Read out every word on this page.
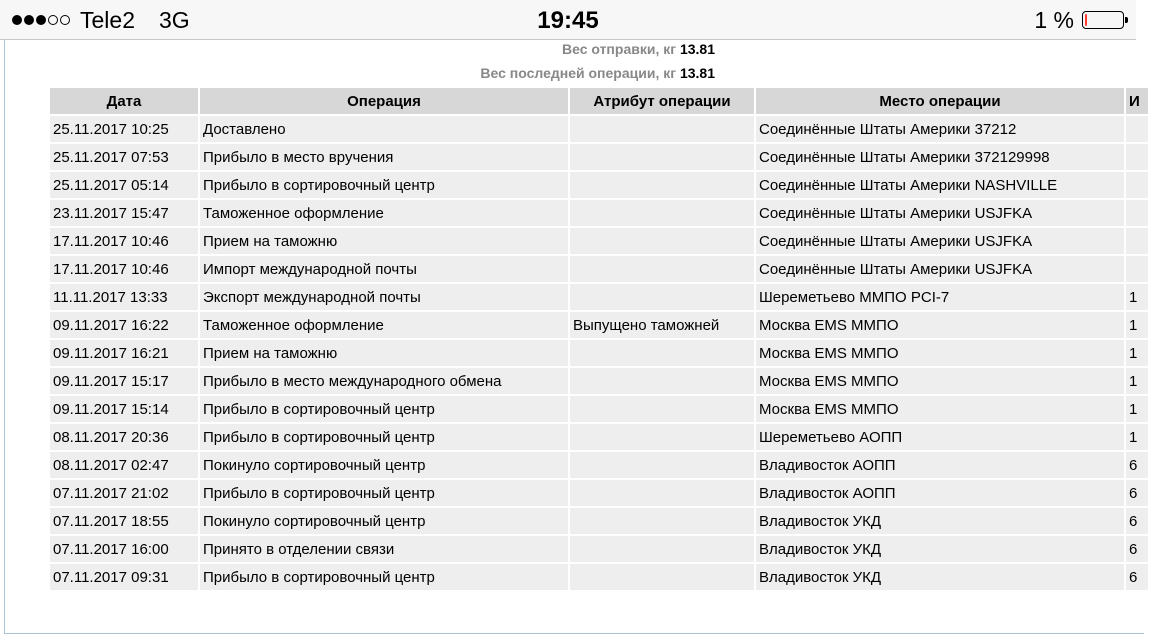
Tele2 3G	19:45	1 %
Вес отправки, кг 13.81
Вес последней операции, кг 13.81
Дата	Операция	Атрибут операции	Место операции	И
25.11.2017 10:25	Доставлено		Соединённые Штаты Америки 37212	
25.11.2017 07:53	Прибыло в место вручения		Соединённые Штаты Америки 372129998	
25.11.2017 05:14	Прибыло в сортировочный центр		Соединённые Штаты Америки NASHVILLE	
23.11.2017 15:47	Таможенное оформление		Соединённые Штаты Америки USJFKA	
17.11.2017 10:46	Прием на таможню		Соединённые Штаты Америки USJFKA	
17.11.2017 10:46	Импорт международной почты		Соединённые Штаты Америки USJFKA	
11.11.2017 13:33	Экспорт международной почты		Шереметьево ММПО PCI-7	1
09.11.2017 16:22	Таможенное оформление	Выпущено таможней	Москва EMS ММПО	1
09.11.2017 16:21	Прием на таможню		Москва EMS ММПО	1
09.11.2017 15:17	Прибыло в место международного обмена		Москва EMS ММПО	1
09.11.2017 15:14	Прибыло в сортировочный центр		Москва EMS ММПО	1
08.11.2017 20:36	Прибыло в сортировочный центр		Шереметьево АОПП	1
08.11.2017 02:47	Покинуло сортировочный центр		Владивосток АОПП	6
07.11.2017 21:02	Прибыло в сортировочный центр		Владивосток АОПП	6
07.11.2017 18:55	Покинуло сортировочный центр		Владивосток УКД	6
07.11.2017 16:00	Принято в отделении связи		Владивосток УКД	6
07.11.2017 09:31	Прибыло в сортировочный центр		Владивосток УКД	6
